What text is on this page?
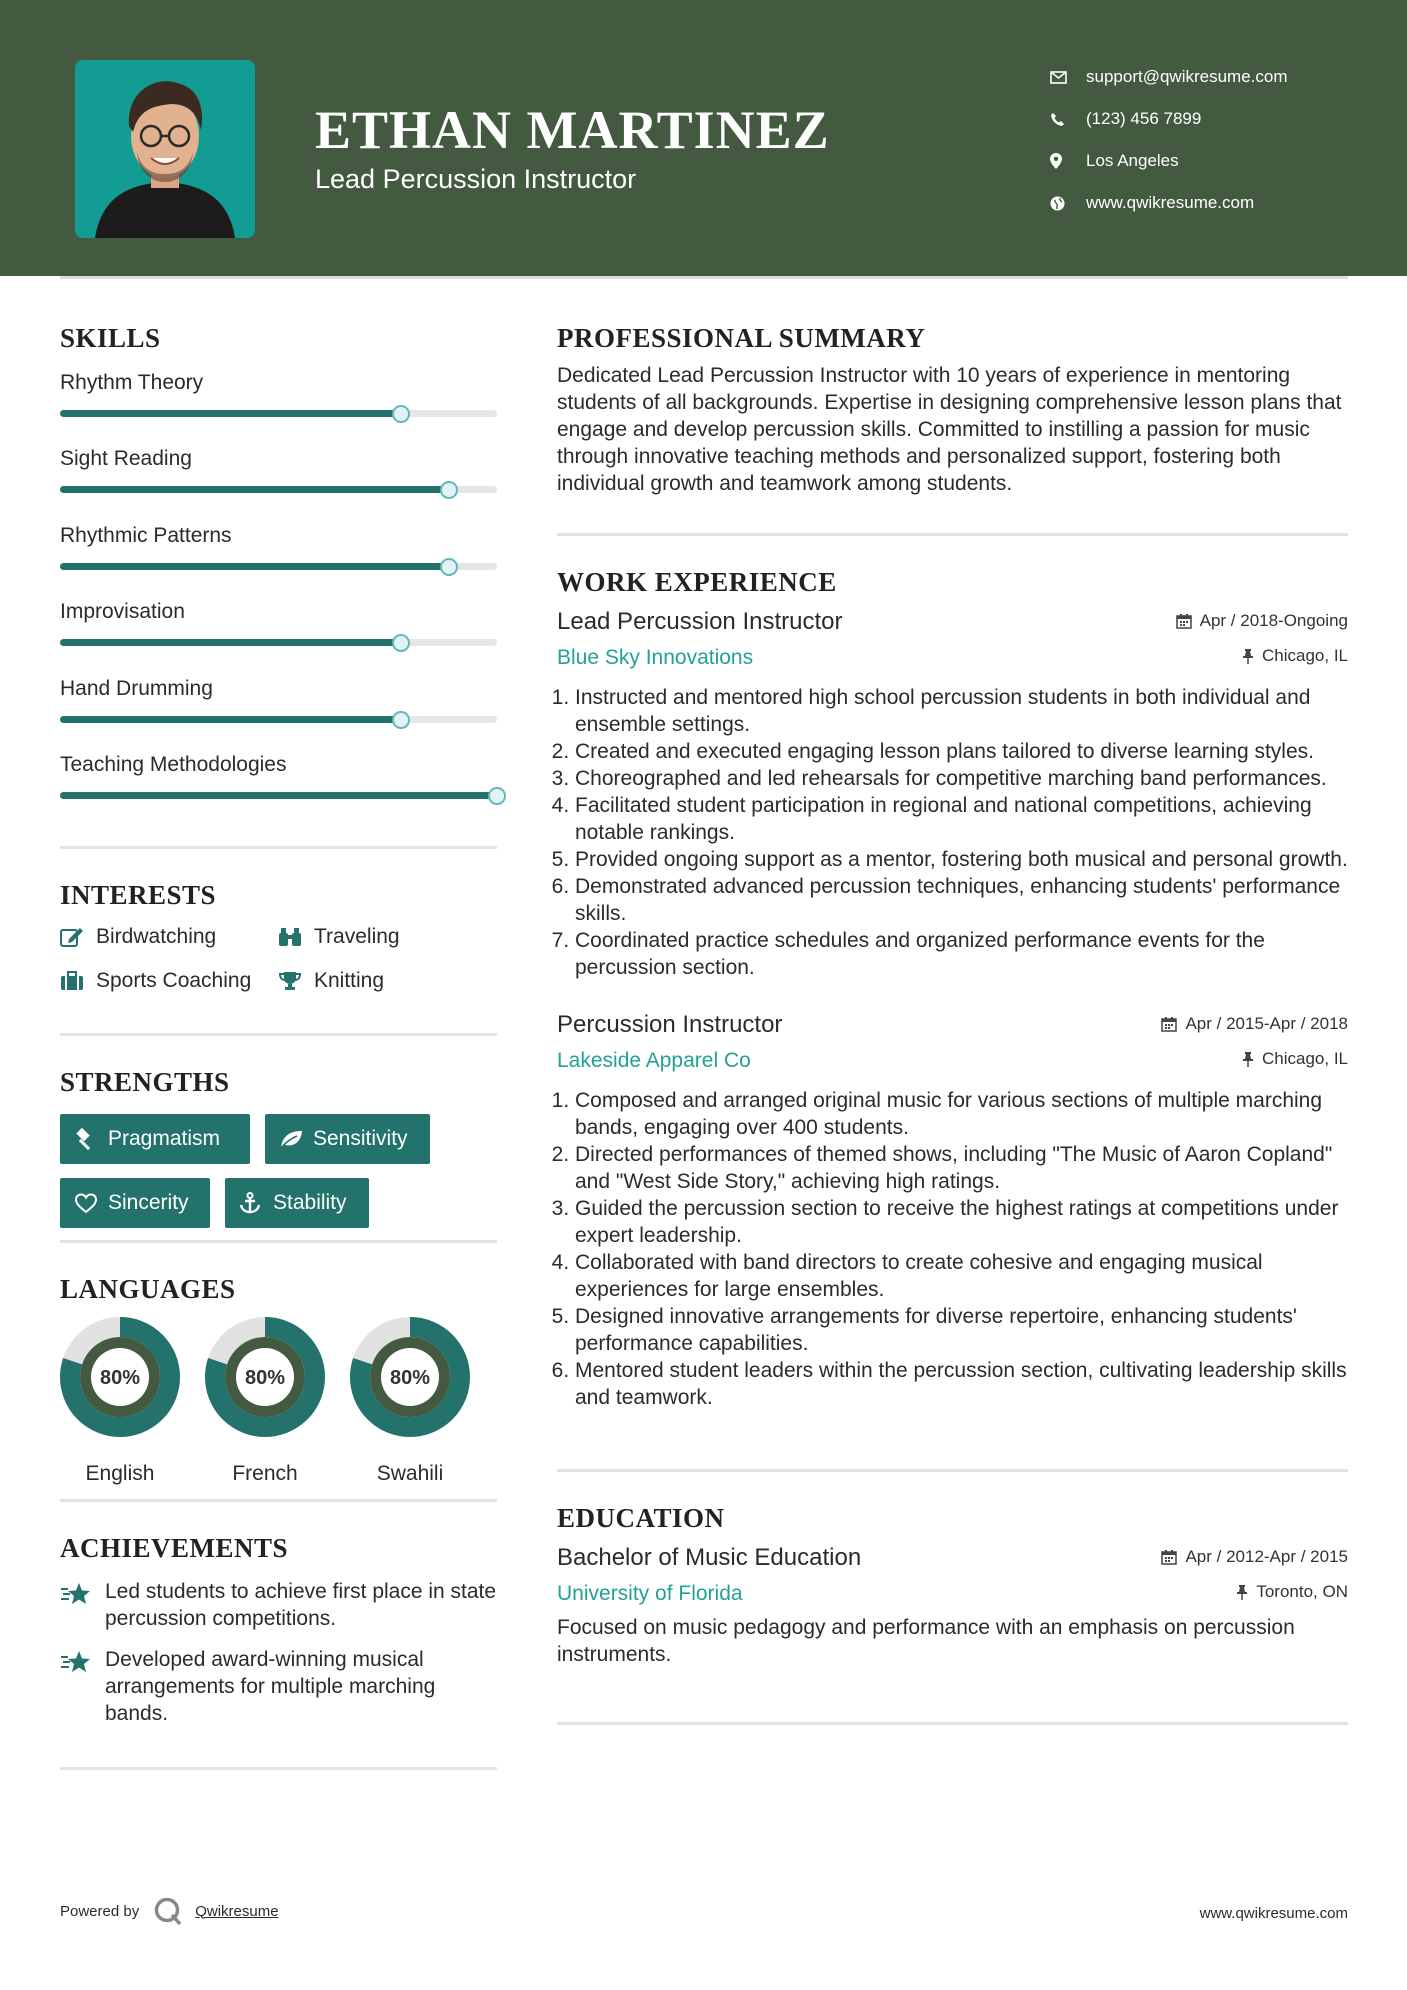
ETHAN MARTINEZ
Lead Percussion Instructor
support@qwikresume.com
(123) 456 7899
Los Angeles
www.qwikresume.com
SKILLS
Rhythm Theory
Sight Reading
Rhythmic Patterns
Improvisation
Hand Drumming
Teaching Methodologies
INTERESTS
Birdwatching	Traveling
Sports Coaching	Knitting
STRENGTHS
Pragmatism	Sensitivity
Sincerity	Stability
LANGUAGES
80%
English
80%
French
80%
Swahili
ACHIEVEMENTS
Led students to achieve first place in state percussion competitions.
Developed award-winning musical arrangements for multiple marching bands.
PROFESSIONAL SUMMARY
Dedicated Lead Percussion Instructor with 10 years of experience in mentoring students of all backgrounds. Expertise in designing comprehensive lesson plans that engage and develop percussion skills. Committed to instilling a passion for music through innovative teaching methods and personalized support, fostering both individual growth and teamwork among students.
WORK EXPERIENCE
Lead Percussion Instructor	Apr / 2018-Ongoing
Blue Sky Innovations	Chicago, IL
1. Instructed and mentored high school percussion students in both individual and ensemble settings.
2. Created and executed engaging lesson plans tailored to diverse learning styles.
3. Choreographed and led rehearsals for competitive marching band performances.
4. Facilitated student participation in regional and national competitions, achieving notable rankings.
5. Provided ongoing support as a mentor, fostering both musical and personal growth.
6. Demonstrated advanced percussion techniques, enhancing students' performance skills.
7. Coordinated practice schedules and organized performance events for the percussion section.
Percussion Instructor	Apr / 2015-Apr / 2018
Lakeside Apparel Co	Chicago, IL
1. Composed and arranged original music for various sections of multiple marching bands, engaging over 400 students.
2. Directed performances of themed shows, including "The Music of Aaron Copland" and "West Side Story," achieving high ratings.
3. Guided the percussion section to receive the highest ratings at competitions under expert leadership.
4. Collaborated with band directors to create cohesive and engaging musical experiences for large ensembles.
5. Designed innovative arrangements for diverse repertoire, enhancing students' performance capabilities.
6. Mentored student leaders within the percussion section, cultivating leadership skills and teamwork.
EDUCATION
Bachelor of Music Education	Apr / 2012-Apr / 2015
University of Florida	Toronto, ON
Focused on music pedagogy and performance with an emphasis on percussion instruments.
Powered by	Qwikresume	www.qwikresume.com
